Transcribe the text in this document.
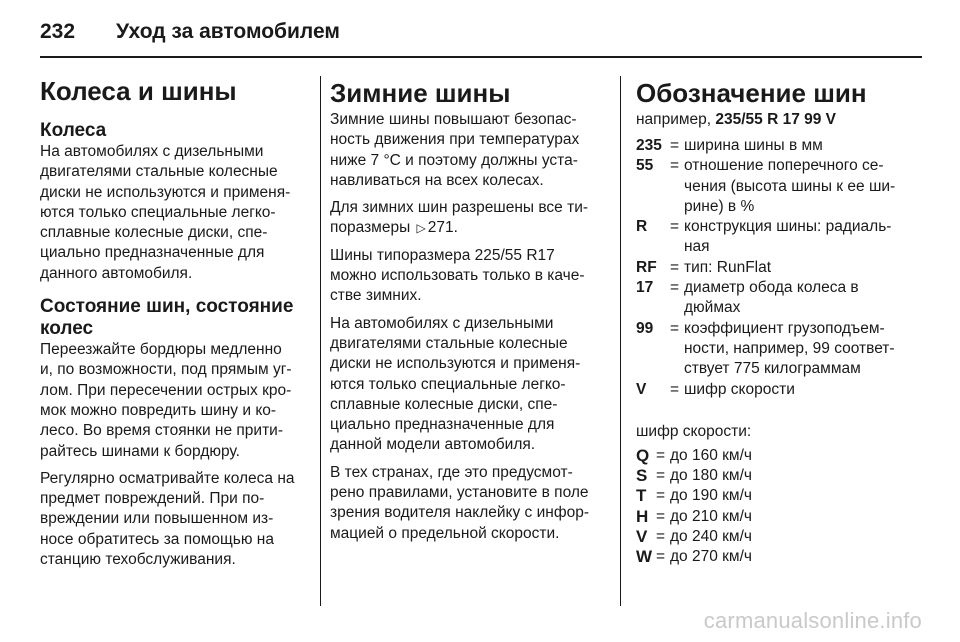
232	Уход за автомобилем
Колеса и шины
Колеса

На автомобилях с дизельными
двигателями стальные колесные
диски не используются и применя-
ются только специальные легко-
сплавные колесные диски, спе-
циально предназначенные для
данного автомобиля.

Состояние шин, состояние
колес

Переезжайте бордюры медленно
и, по возможности, под прямым уг-
лом. При пересечении острых кро-
мок можно повредить шину и ко-
лесо. Во время стоянки не прити-
райтесь шинами к бордюру.

Регулярно осматривайте колеса на
предмет повреждений. При по-
вреждении или повышенном из-
носе обратитесь за помощью на
станцию техобслуживания.

Зимние шины

Зимние шины повышают безопас-
ность движения при температурах
ниже 7 °C и поэтому должны уста-
навливаться на всех колесах.

Для зимних шин разрешены все ти-
поразмеры ▷ 271.

Шины типоразмера 225/55 R17
можно использовать только в каче-
стве зимних.

На автомобилях с дизельными
двигателями стальные колесные
диски не используются и применя-
ются только специальные легко-
сплавные колесные диски, спе-
циально предназначенные для
данной модели автомобиля.

В тех странах, где это предусмот-
рено правилами, установите в поле
зрения водителя наклейку с инфор-
мацией о предельной скорости.

Обозначение шин
например, 235/55 R 17 99 V
235 = ширина шины в мм
55	= отношение поперечного се-
чения (высота шины к ее ши-
рине) в %
R	= конструкция шины: радиаль-
ная
RF = тип: RunFlat
17	= диаметр обода колеса в
дюймах
99	= коэффициент грузоподъем-
ности, например, 99 соответ-
ствует 775 килограммам
V	= шифр скорости
шифр скорости:
Q = до 160 км/ч
S = до 180 км/ч
T = до 190 км/ч
H = до 210 км/ч
V = до 240 км/ч
W = до 270 км/ч
carmanualsonline.info
